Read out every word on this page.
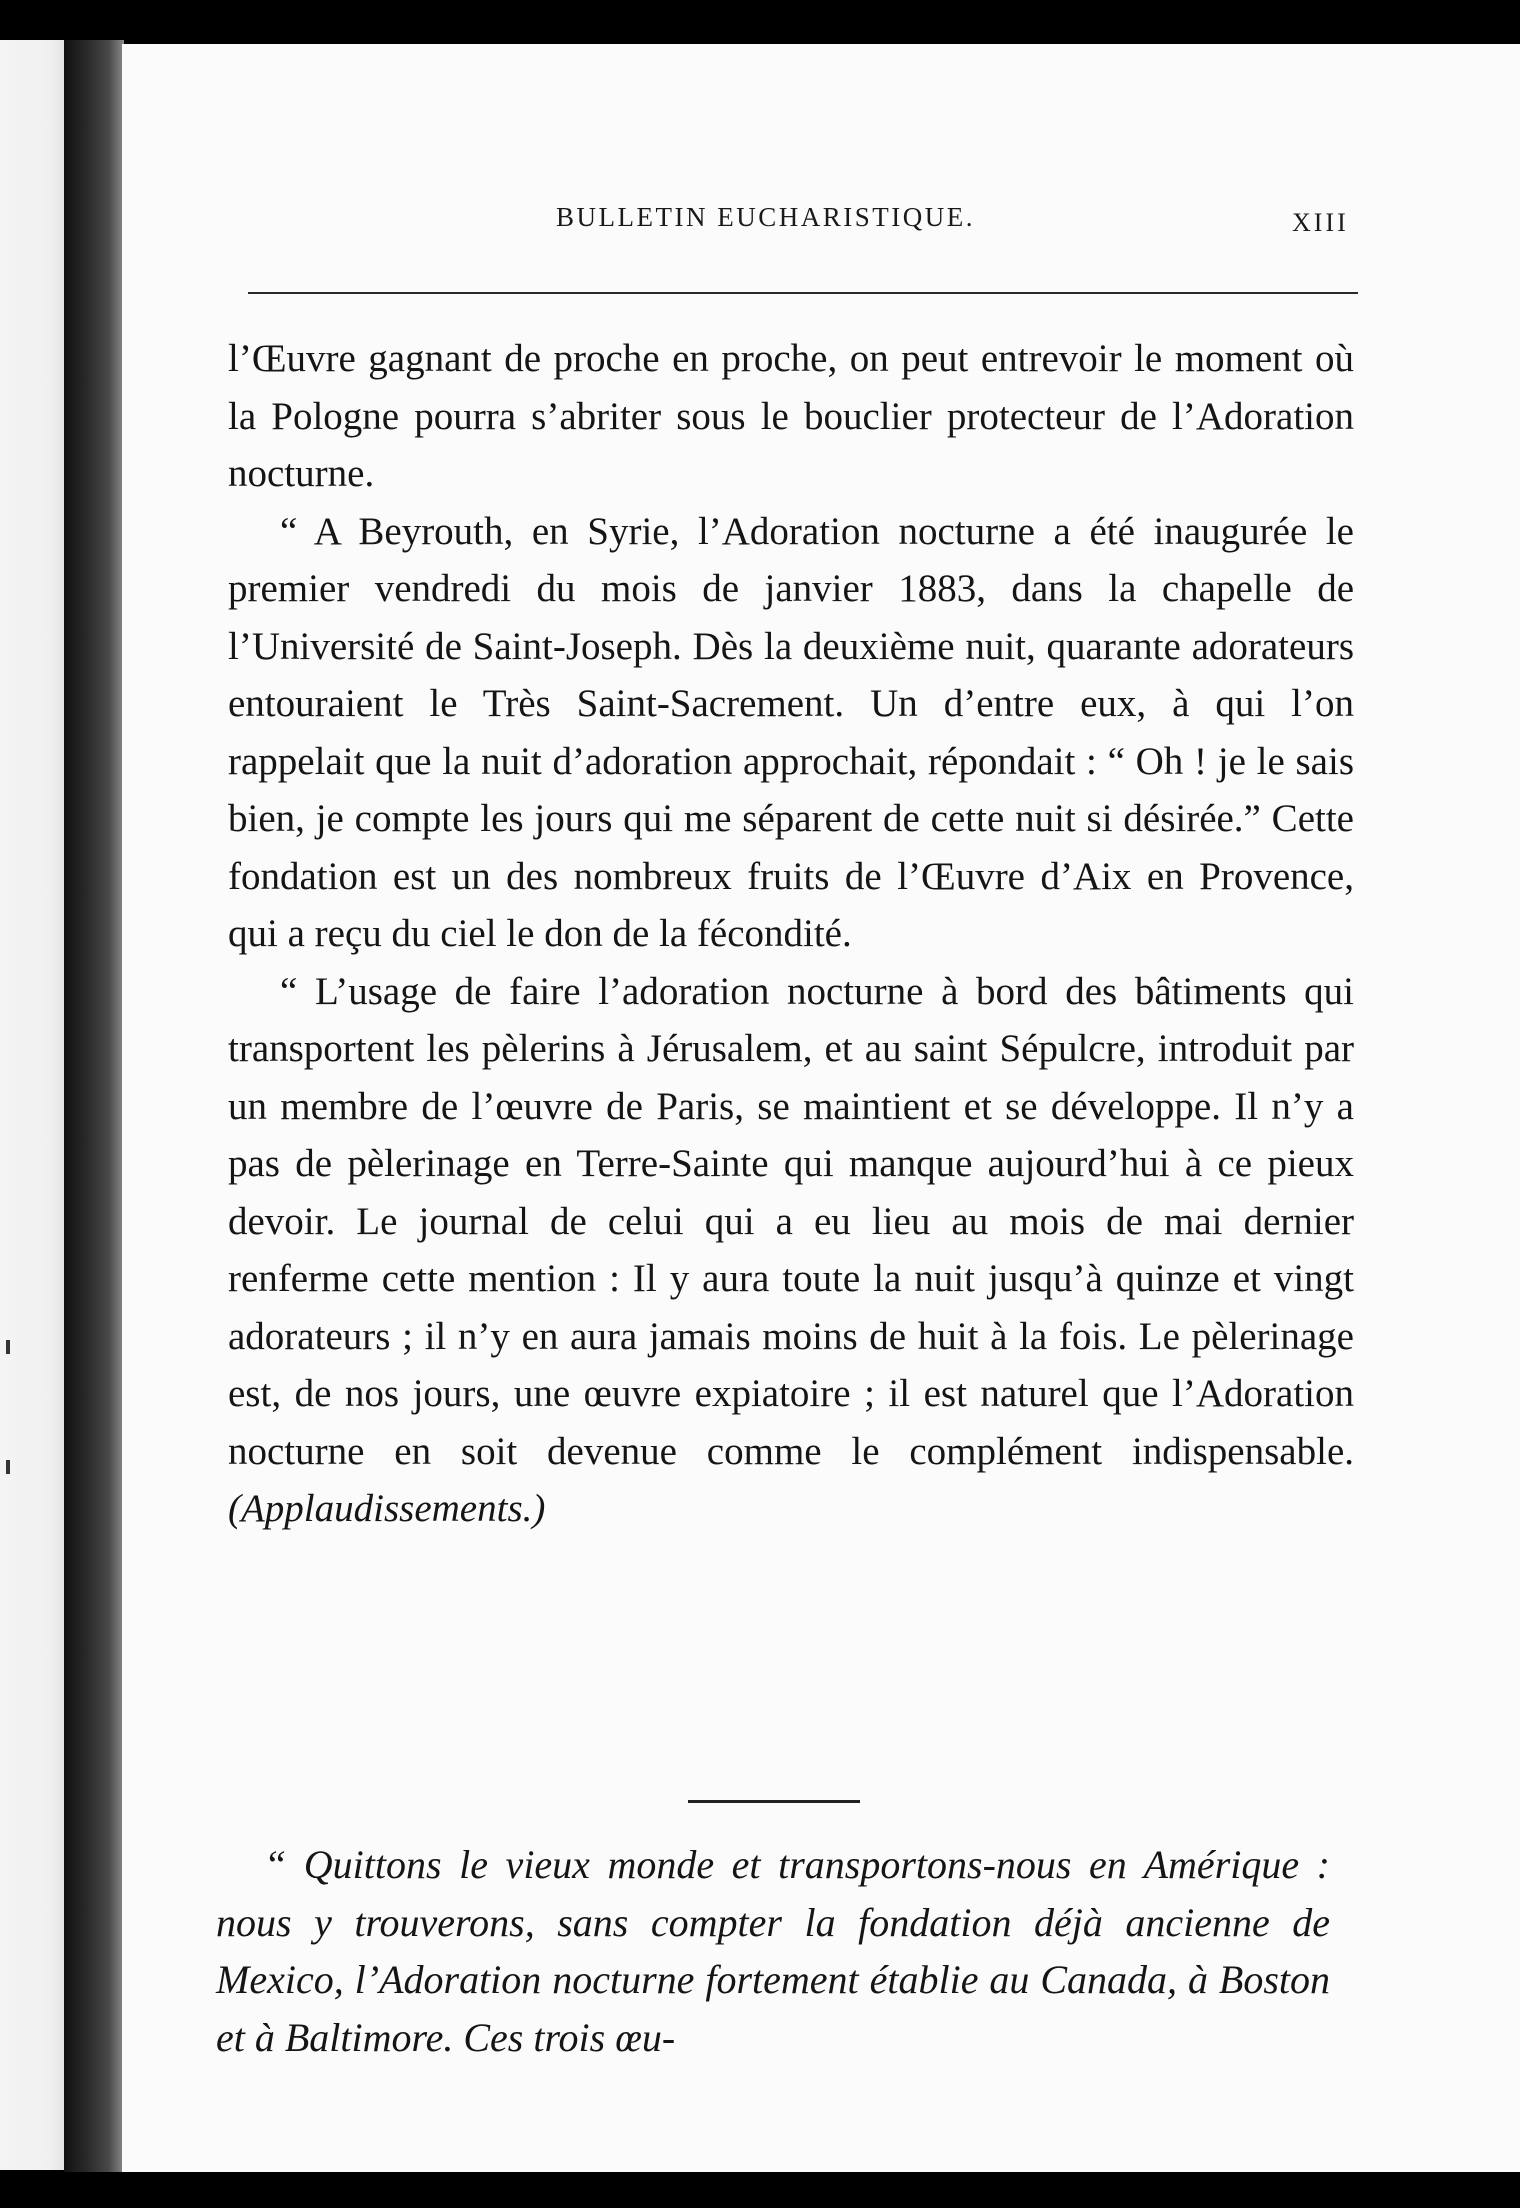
BULLETIN EUCHARISTIQUE.	XIII

l’Œuvre gagnant de proche en proche, on peut entrevoir le moment où la Pologne pourra s’abriter sous le bouclier protecteur de l’Adoration nocturne.

“ A Beyrouth, en Syrie, l’Adoration nocturne a été inaugurée le premier vendredi du mois de janvier 1883, dans la chapelle de l’Université de Saint-Joseph. Dès la deuxième nuit, quarante adorateurs entouraient le Très Saint-Sacrement. Un d’entre eux, à qui l’on rappelait que la nuit d’adoration approchait, répondait : “ Oh ! je le sais bien, je compte les jours qui me séparent de cette nuit si désirée.” Cette fondation est un des nombreux fruits de l’Œuvre d’Aix en Provence, qui a reçu du ciel le don de la fécondité.

“ L’usage de faire l’adoration nocturne à bord des bâtiments qui transportent les pèlerins à Jérusalem, et au saint Sépulcre, introduit par un membre de l’œuvre de Paris, se maintient et se développe. Il n’y a pas de pèlerinage en Terre-Sainte qui manque aujourd’hui à ce pieux devoir. Le journal de celui qui a eu lieu au mois de mai dernier renferme cette mention : Il y aura toute la nuit jusqu’à quinze et vingt adorateurs ; il n’y en aura jamais moins de huit à la fois. Le pèlerinage est, de nos jours, une œuvre expiatoire ; il est naturel que l’Adoration nocturne en soit devenue comme le complément indispensable. (Applaudissements.)

“ Quittons le vieux monde et transportons-nous en Amérique : nous y trouverons, sans compter la fondation déjà ancienne de Mexico, l’Adoration nocturne fortement établie au Canada, à Boston et à Baltimore. Ces trois œu-
